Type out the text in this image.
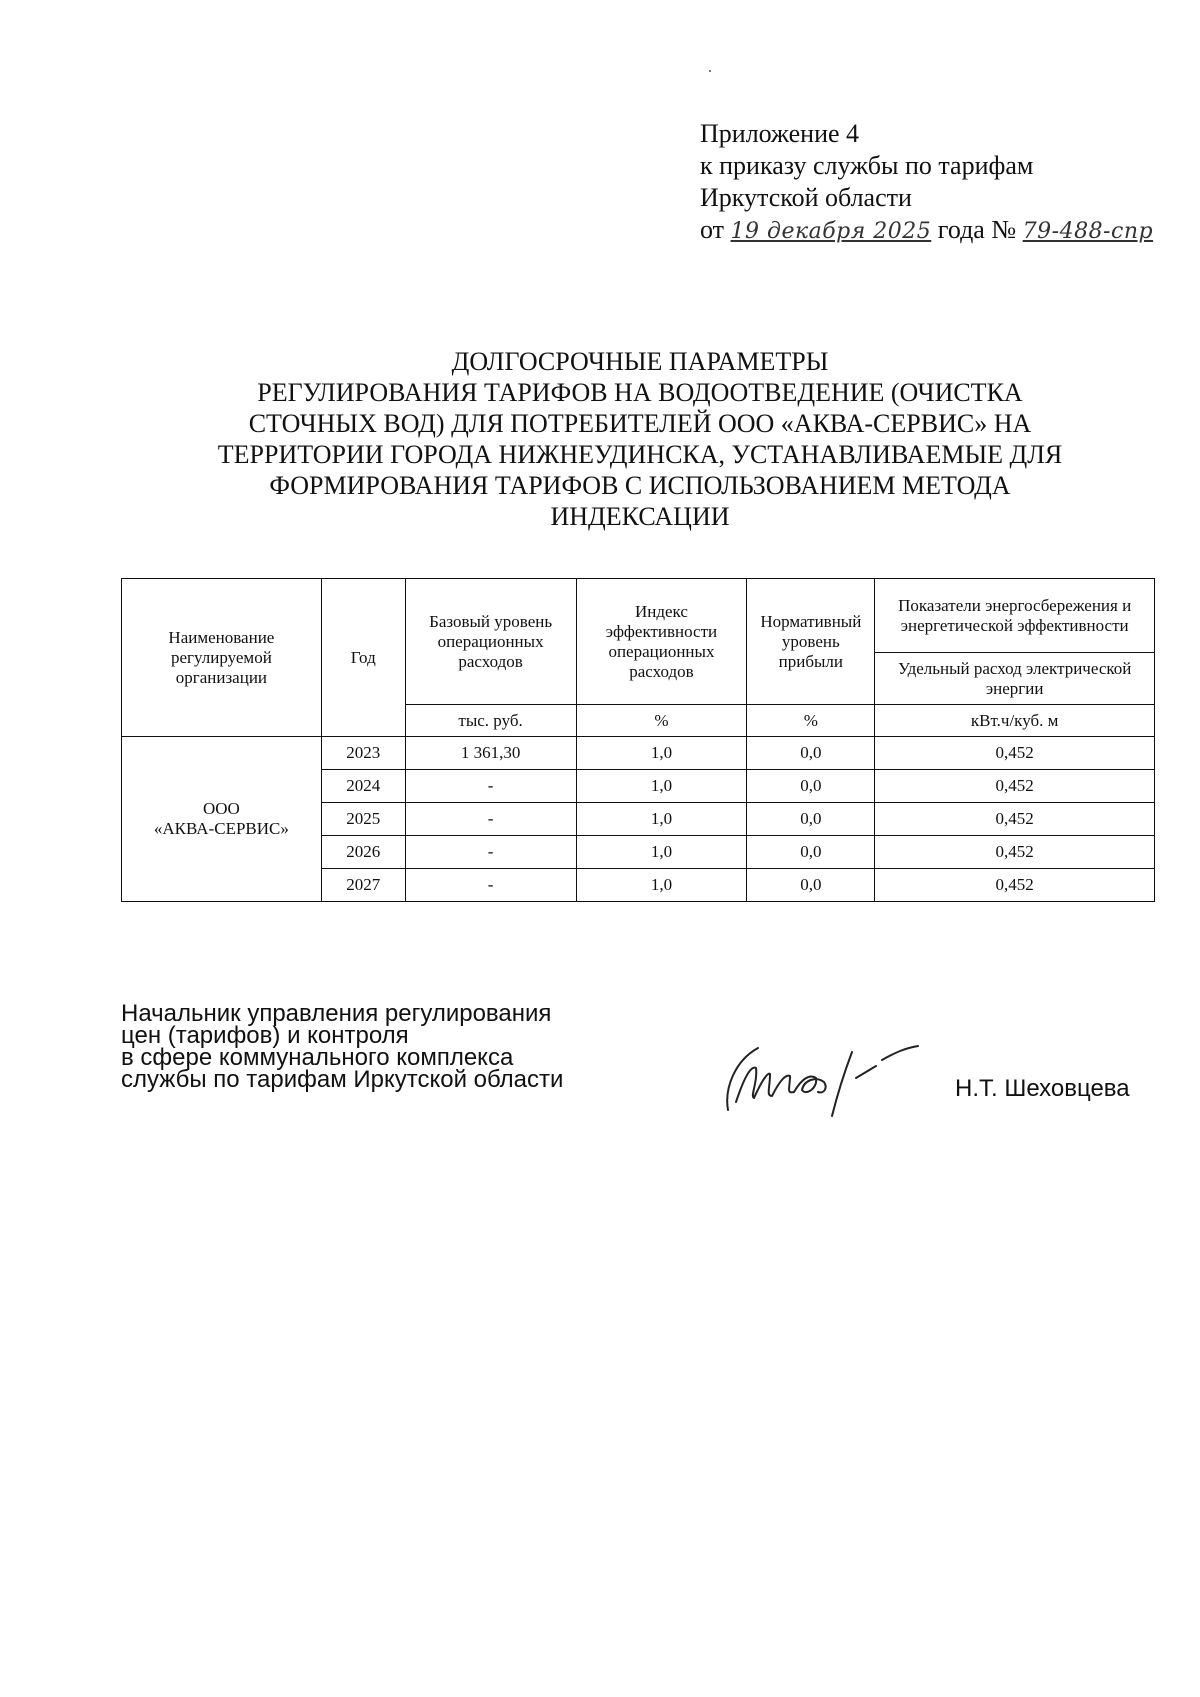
Приложение 4
к приказу службы по тарифам
Иркутской области
от 19 декабря 2025 года № 79-488-спр
ДОЛГОСРОЧНЫЕ ПАРАМЕТРЫ
РЕГУЛИРОВАНИЯ ТАРИФОВ НА ВОДООТВЕДЕНИЕ (ОЧИСТКА
СТОЧНЫХ ВОД) ДЛЯ ПОТРЕБИТЕЛЕЙ ООО «АКВА-СЕРВИС» НА
ТЕРРИТОРИИ ГОРОДА НИЖНЕУДИНСКА, УСТАНАВЛИВАЕМЫЕ ДЛЯ
ФОРМИРОВАНИЯ ТАРИФОВ С ИСПОЛЬЗОВАНИЕМ МЕТОДА
ИНДЕКСАЦИИ
Наименование регулируемой организации	Год	Базовый уровень операционных расходов	Индекс эффективности операционных расходов	Нормативный уровень прибыли	Показатели энергосбережения и энергетической эффективности
					Удельный расход электрической энергии
		тыс. руб.	%	%	кВт.ч/куб. м

ООО
«АКВА-СЕРВИС»	2023	1 361,30	1,0	0,0	0,452
	2024	-	1,0	0,0	0,452
	2025	-	1,0	0,0	0,452
	2026	-	1,0	0,0	0,452
	2027	-	1,0	0,0	0,452
Начальник управления регулирования
цен (тарифов) и контроля
в сфере коммунального комплекса
службы по тарифам Иркутской области	Н.Т. Шеховцева
